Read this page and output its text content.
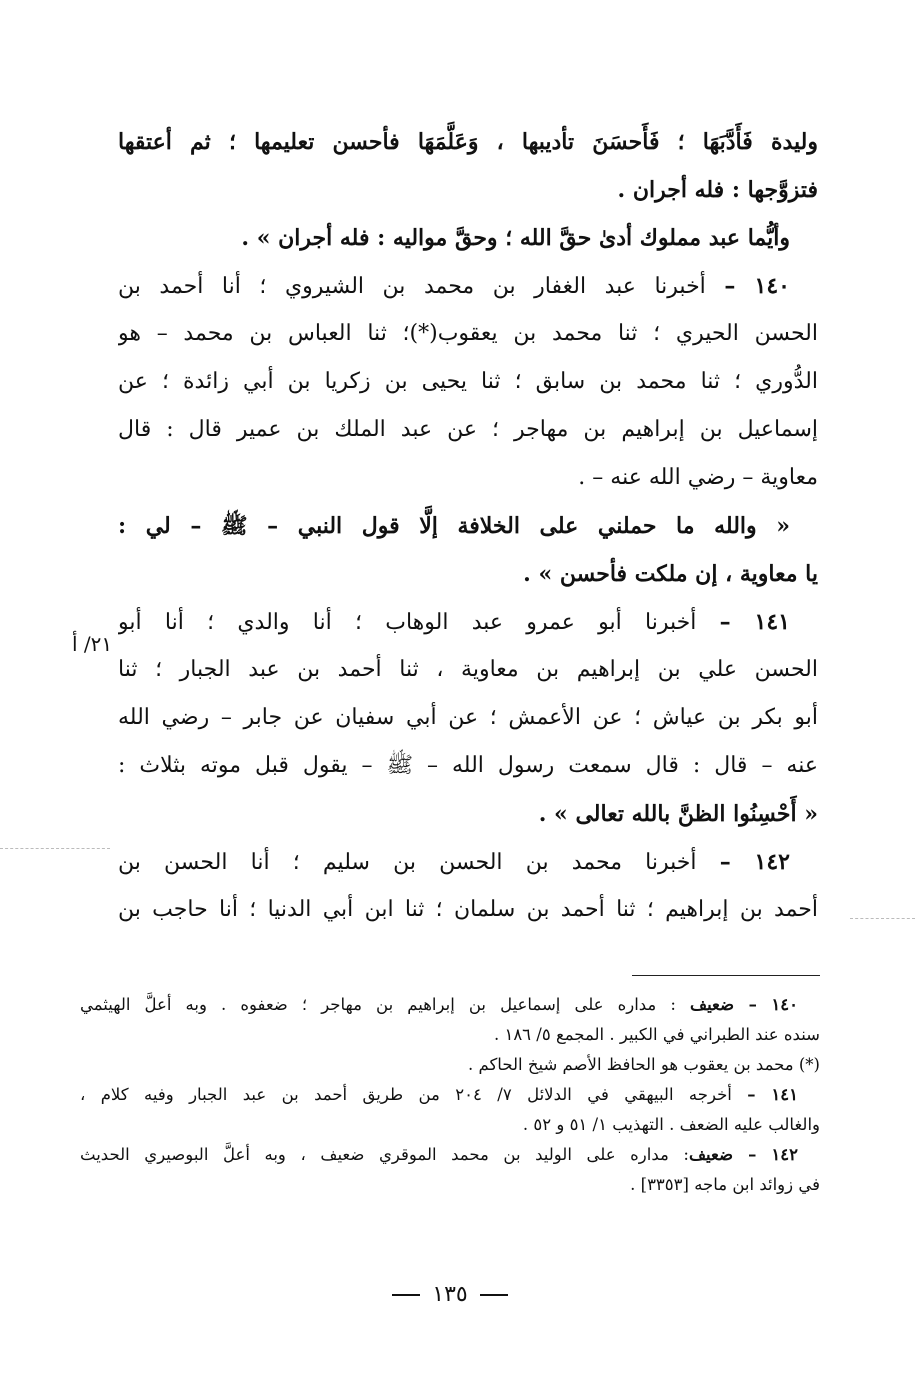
وليدة فَأَدَّبَهَا ؛ فَأَحسَنَ تأديبها ، وَعَلَّمَهَا فأحسن تعليمها ؛ ثم أعتقها
فتزوَّجها : فله أجران .
وأيُّما عبد مملوك أدىٰ حقَّ الله ؛ وحقَّ مواليه : فله أجران » .
١٤٠ – أخبرنا عبد الغفار بن محمد بن الشيروي ؛ أنا أحمد بن
الحسن الحيري ؛ ثنا محمد بن يعقوب(*)؛ ثنا العباس بن محمد – هو
الدُّوري ؛ ثنا محمد بن سابق ؛ ثنا يحيى بن زكريا بن أبي زائدة ؛ عن
إسماعيل بن إبراهيم بن مهاجر ؛ عن عبد الملك بن عمير قال : قال
معاوية – رضي الله عنه – .
« والله ما حملني على الخلافة إلَّا قول النبي – ﷺ – لي :
يا معاوية ، إن ملكت فأحسن » .
١٤١ – أخبرنا أبو عمرو عبد الوهاب ؛ أنا والدي ؛ أنا أبو
الحسن علي بن إبراهيم بن معاوية ، ثنا أحمد بن عبد الجبار ؛ ثنا
أبو بكر بن عياش ؛ عن الأعمش ؛ عن أبي سفيان عن جابر – رضي الله
عنه – قال : قال سمعت رسول الله – ﷺ – يقول قبل موته بثلاث :
« أَحْسِنُوا الظنَّ بالله تعالى » .
١٤٢ – أخبرنا محمد بن الحسن بن سليم ؛ أنا الحسن بن
أحمد بن إبراهيم ؛ ثنا أحمد بن سلمان ؛ ثنا ابن أبي الدنيا ؛ أنا حاجب بن
٢١/ أ
١٤٠ – ضعيف : مداره على إسماعيل بن إبراهيم بن مهاجر ؛ ضعفوه . وبه أعلَّ الهيثمي
سنده عند الطبراني في الكبير . المجمع ٥/ ١٨٦ .
(*) محمد بن يعقوب هو الحافظ الأصم شيخ الحاكم .
١٤١ – أخرجه البيهقي في الدلائل ٧/ ٢٠٤ من طريق أحمد بن عبد الجبار وفيه كلام ،
والغالب عليه الضعف . التهذيب ١/ ٥١ و ٥٢ .
١٤٢ – ضعيف: مداره على الوليد بن محمد الموقري ضعيف ، وبه أعلَّ البوصيري الحديث
في زوائد ابن ماجه [٣٣٥٣] .
١٣٥
